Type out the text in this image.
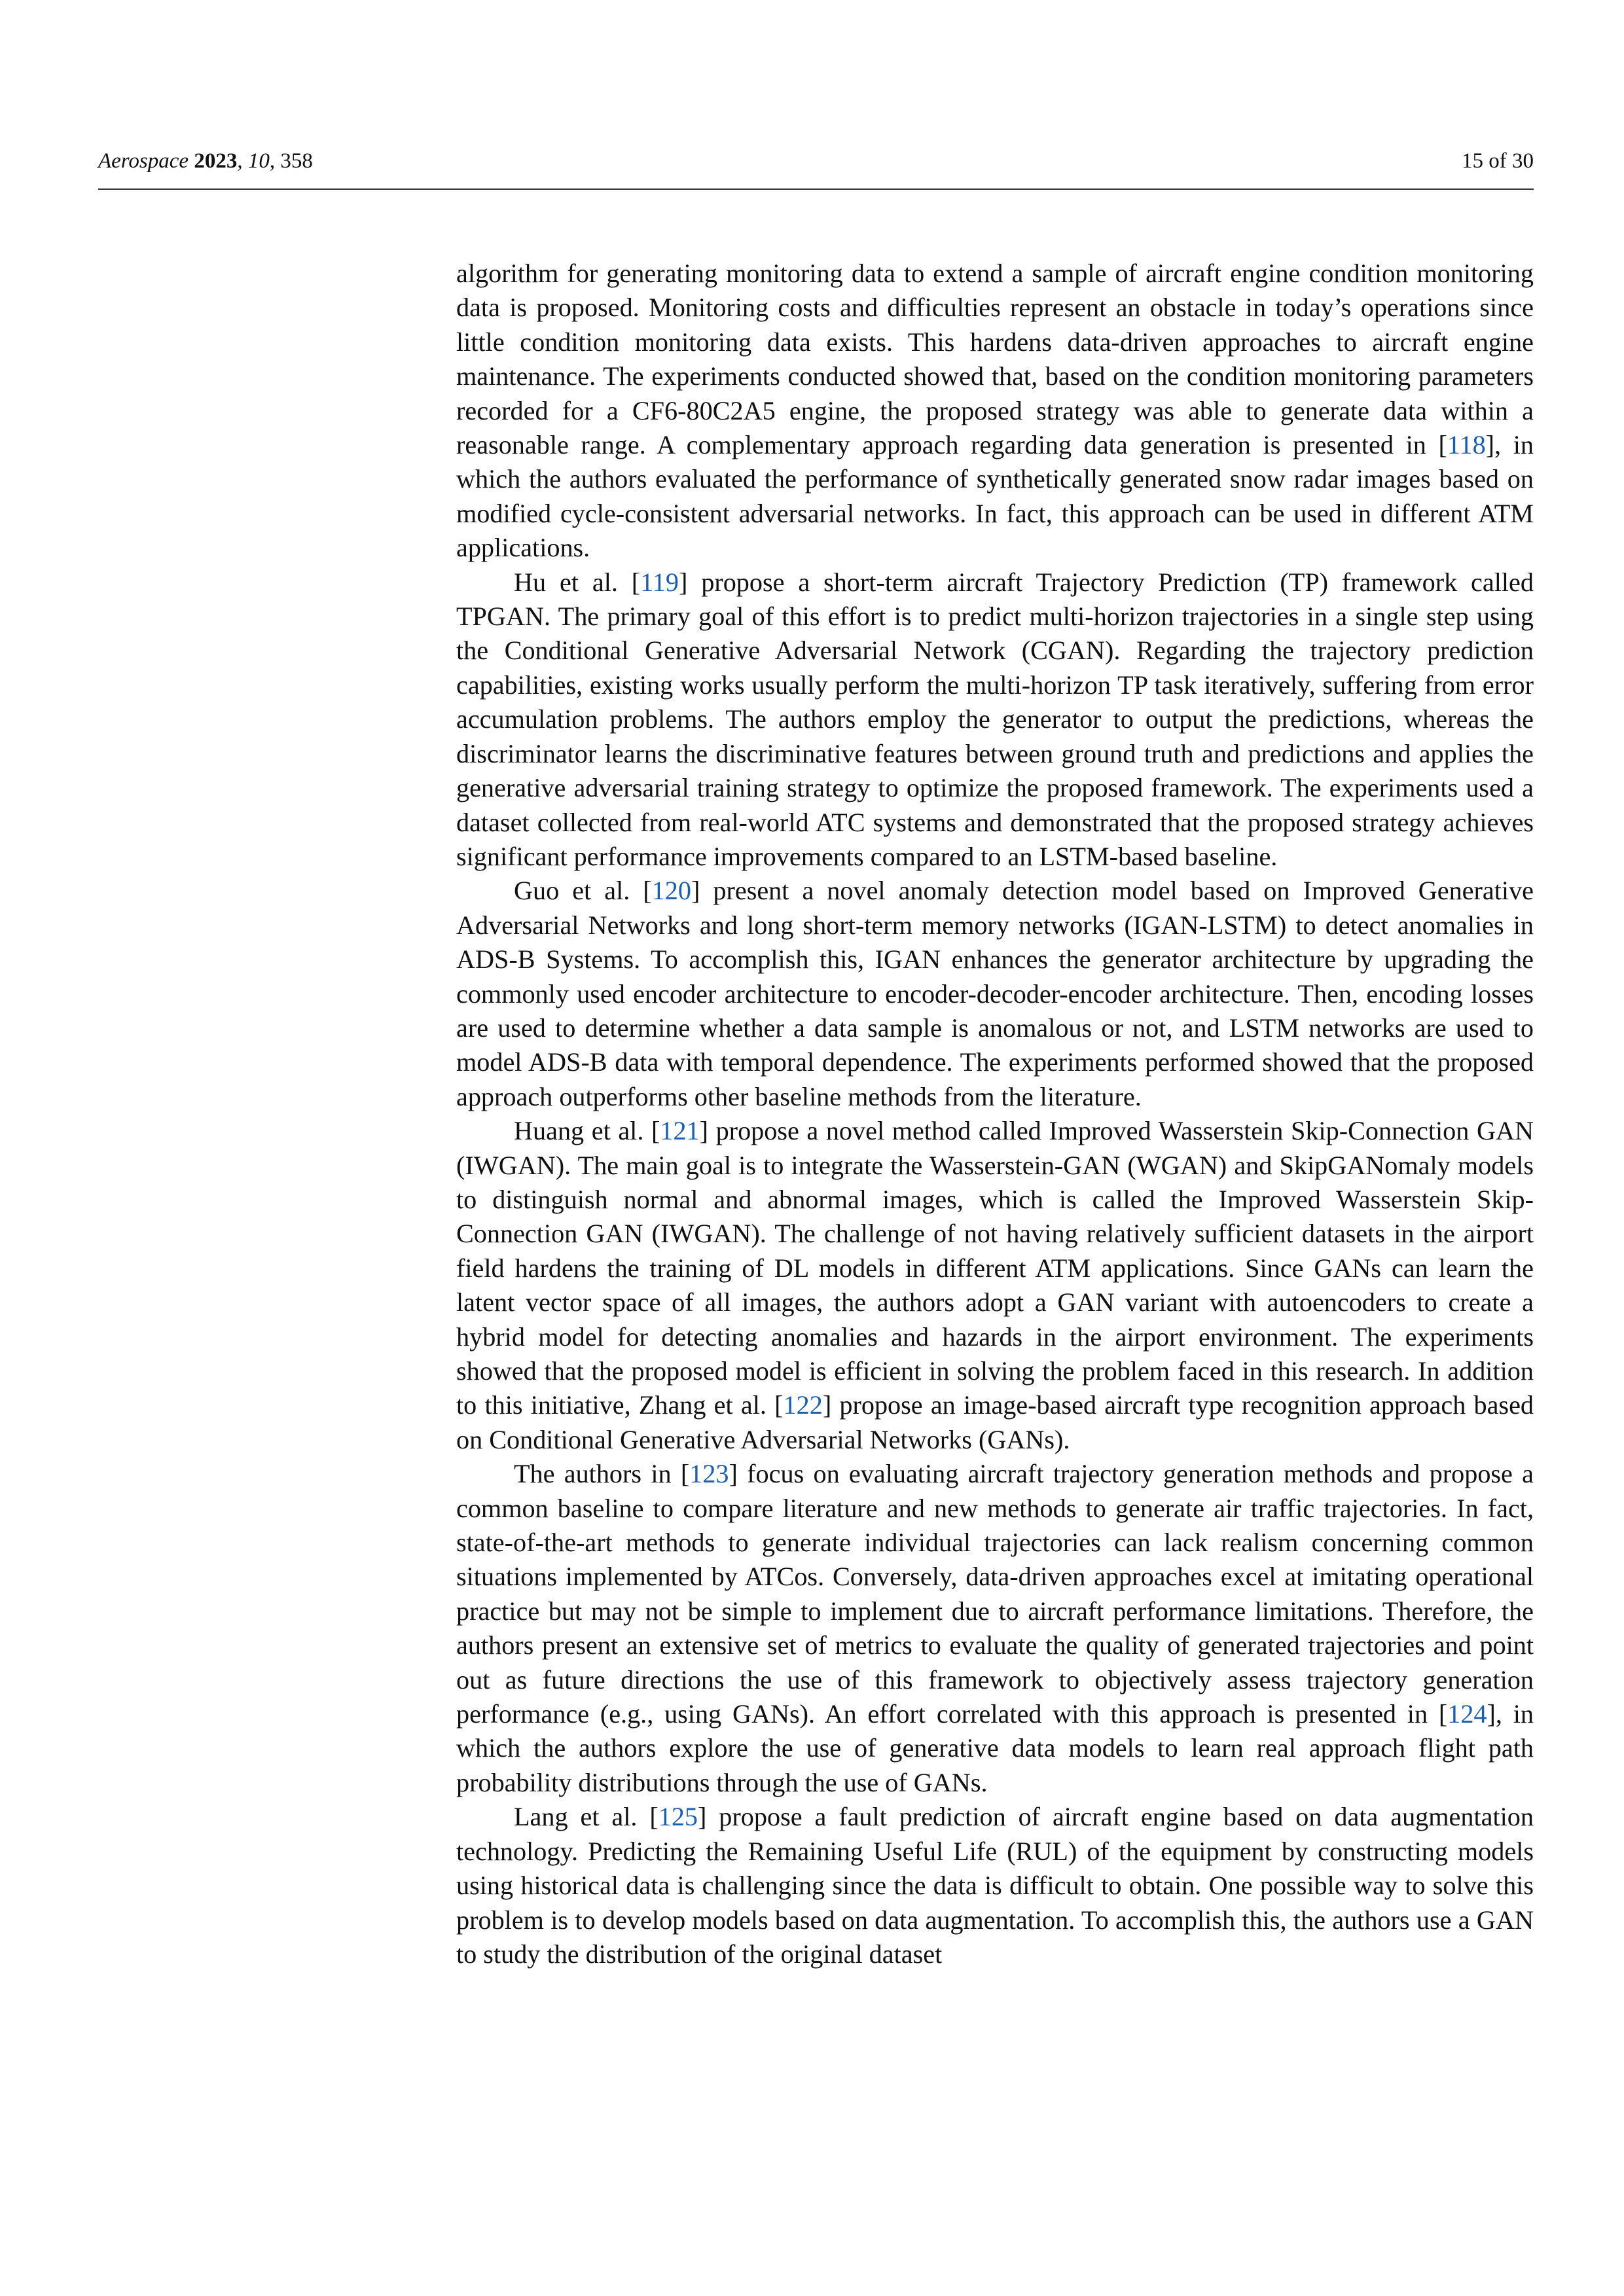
Aerospace 2023, 10, 358	15 of 30

algorithm for generating monitoring data to extend a sample of aircraft engine condition monitoring data is proposed. Monitoring costs and difficulties represent an obstacle in today’s operations since little condition monitoring data exists. This hardens data-driven approaches to aircraft engine maintenance. The experiments conducted showed that, based on the condition monitoring parameters recorded for a CF6-80C2A5 engine, the proposed strategy was able to generate data within a reasonable range. A complementary approach regarding data generation is presented in [118], in which the authors evaluated the performance of synthetically generated snow radar images based on modified cycle-consistent adversarial networks. In fact, this approach can be used in different ATM applications.

Hu et al. [119] propose a short-term aircraft Trajectory Prediction (TP) framework called TPGAN. The primary goal of this effort is to predict multi-horizon trajectories in a single step using the Conditional Generative Adversarial Network (CGAN). Regarding the trajectory prediction capabilities, existing works usually perform the multi-horizon TP task iteratively, suffering from error accumulation problems. The authors employ the generator to output the predictions, whereas the discriminator learns the discriminative features between ground truth and predictions and applies the generative adversarial training strategy to optimize the proposed framework. The experiments used a dataset collected from real-world ATC systems and demonstrated that the proposed strategy achieves significant performance improvements compared to an LSTM-based baseline.

Guo et al. [120] present a novel anomaly detection model based on Improved Generative Adversarial Networks and long short-term memory networks (IGAN-LSTM) to detect anomalies in ADS-B Systems. To accomplish this, IGAN enhances the generator architecture by upgrading the commonly used encoder architecture to encoder-decoder-encoder architecture. Then, encoding losses are used to determine whether a data sample is anomalous or not, and LSTM networks are used to model ADS-B data with temporal dependence. The experiments performed showed that the proposed approach outperforms other baseline methods from the literature.

Huang et al. [121] propose a novel method called Improved Wasserstein Skip-Connection GAN (IWGAN). The main goal is to integrate the Wasserstein-GAN (WGAN) and SkipGANomaly models to distinguish normal and abnormal images, which is called the Improved Wasserstein Skip-Connection GAN (IWGAN). The challenge of not having relatively sufficient datasets in the airport field hardens the training of DL models in different ATM applications. Since GANs can learn the latent vector space of all images, the authors adopt a GAN variant with autoencoders to create a hybrid model for detecting anomalies and hazards in the airport environment. The experiments showed that the proposed model is efficient in solving the problem faced in this research. In addition to this initiative, Zhang et al. [122] propose an image-based aircraft type recognition approach based on Conditional Generative Adversarial Networks (GANs).

The authors in [123] focus on evaluating aircraft trajectory generation methods and propose a common baseline to compare literature and new methods to generate air traffic trajectories. In fact, state-of-the-art methods to generate individual trajectories can lack realism concerning common situations implemented by ATCos. Conversely, data-driven approaches excel at imitating operational practice but may not be simple to implement due to aircraft performance limitations. Therefore, the authors present an extensive set of metrics to evaluate the quality of generated trajectories and point out as future directions the use of this framework to objectively assess trajectory generation performance (e.g., using GANs). An effort correlated with this approach is presented in [124], in which the authors explore the use of generative data models to learn real approach flight path probability distributions through the use of GANs.

Lang et al. [125] propose a fault prediction of aircraft engine based on data augmentation technology. Predicting the Remaining Useful Life (RUL) of the equipment by constructing models using historical data is challenging since the data is difficult to obtain. One possible way to solve this problem is to develop models based on data augmentation. To accomplish this, the authors use a GAN to study the distribution of the original dataset
